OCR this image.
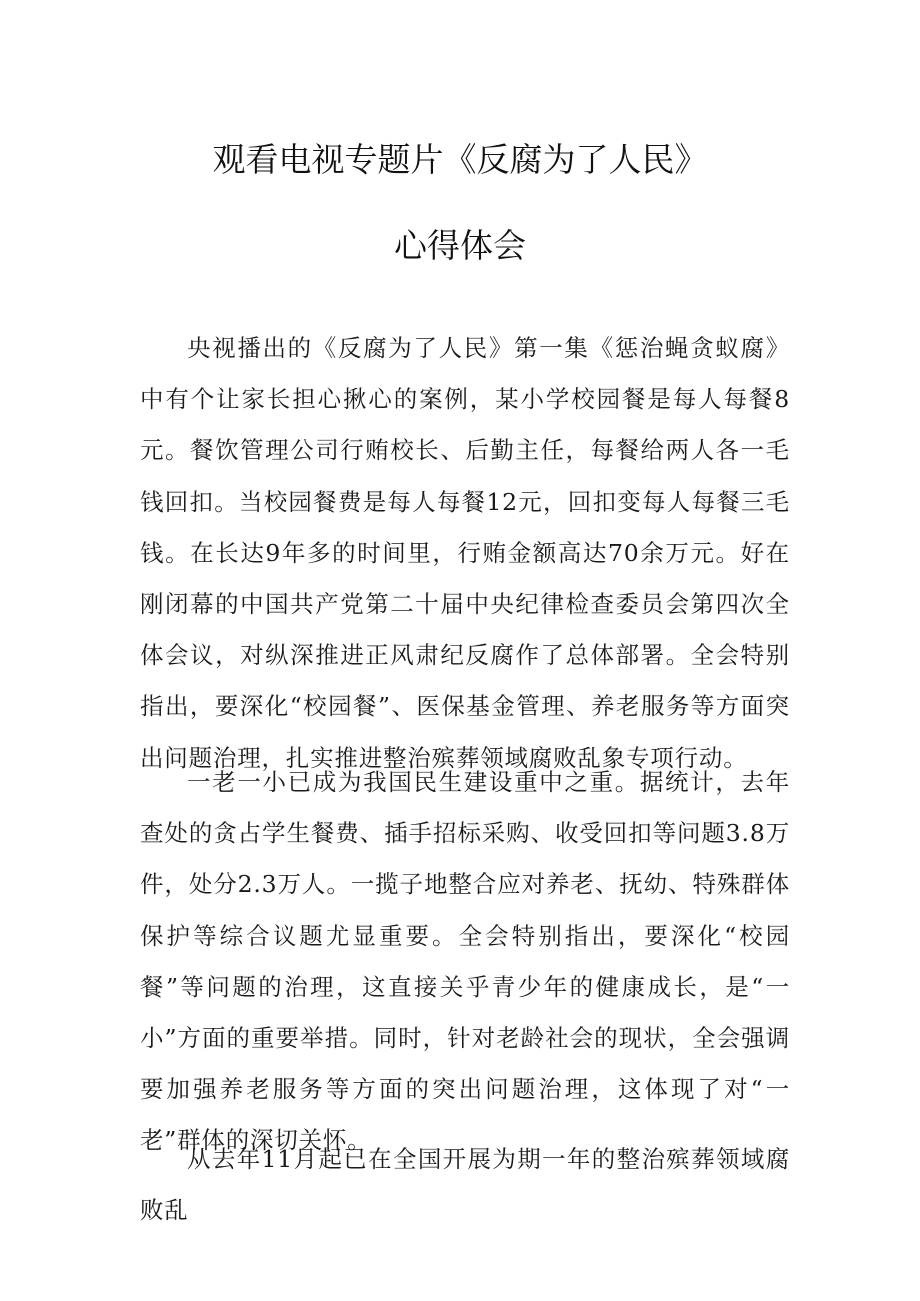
观看电视专题片《反腐为了人民》
心得体会

央视播出的《反腐为了人民》第一集《惩治蝇贪蚁腐》中有个让家长担心揪心的案例，某小学校园餐是每人每餐8元。餐饮管理公司行贿校长、后勤主任，每餐给两人各一毛钱回扣。当校园餐费是每人每餐12元，回扣变每人每餐三毛钱。在长达9年多的时间里，行贿金额高达70余万元。好在刚闭幕的中国共产党第二十届中央纪律检查委员会第四次全体会议，对纵深推进正风肃纪反腐作了总体部署。全会特别指出，要深化“校园餐”、医保基金管理、养老服务等方面突出问题治理，扎实推进整治殡葬领域腐败乱象专项行动。

一老一小已成为我国民生建设重中之重。据统计，去年查处的贪占学生餐费、插手招标采购、收受回扣等问题3.8万件，处分2.3万人。一揽子地整合应对养老、抚幼、特殊群体保护等综合议题尤显重要。全会特别指出，要深化“校园餐”等问题的治理，这直接关乎青少年的健康成长，是“一小”方面的重要举措。同时，针对老龄社会的现状，全会强调要加强养老服务等方面的突出问题治理，这体现了对“一老”群体的深切关怀。

从去年11月起已在全国开展为期一年的整治殡葬领域腐败乱
